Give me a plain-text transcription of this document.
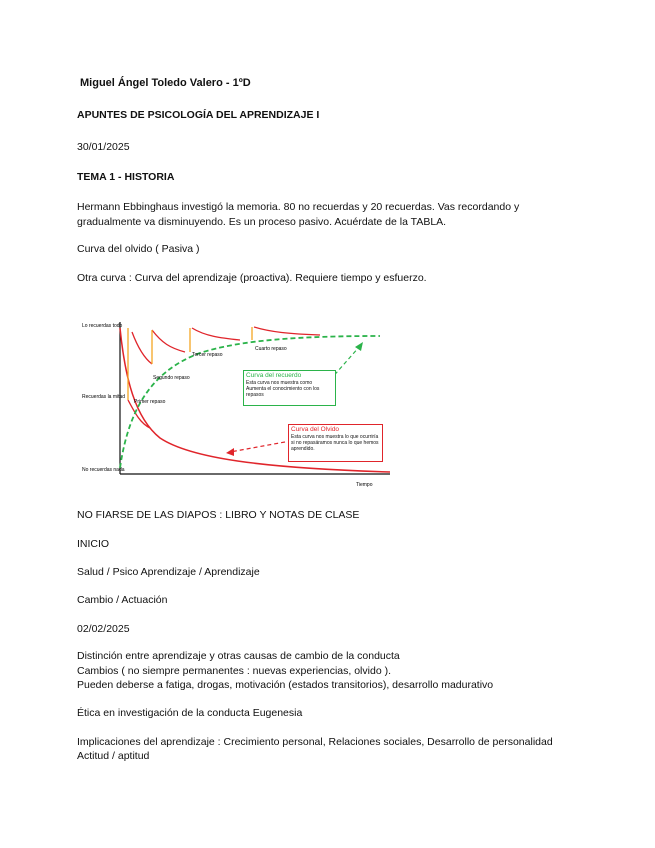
Miguel Ángel Toledo Valero - 1ºD
APUNTES DE PSICOLOGÍA DEL APRENDIZAJE I
30/01/2025
TEMA 1 - HISTORIA
Hermann Ebbinghaus investigó la memoria. 80 no recuerdas y 20 recuerdas. Vas recordando y
gradualmente va disminuyendo. Es un proceso pasivo. Acuérdate de la TABLA.
Curva del olvido ( Pasiva )
Otra curva : Curva del aprendizaje (proactiva). Requiere tiempo y esfuerzo.
Lo recuerdas todo
Recuerdas la mitad
No recuerdas nada
Tiempo
Primer repaso
Segundo repaso
Tercer repaso
Cuarto repaso
Curva del recuerdo
Esta curva nos muestra como Aumenta el conocimiento con los repasos
Curva del Olvido
Esta curva nos muestra lo que ocurriría si no repasáramos nunca lo que hemos aprendido.
NO FIARSE DE LAS DIAPOS : LIBRO Y NOTAS DE CLASE
INICIO
Salud / Psico Aprendizaje / Aprendizaje
Cambio / Actuación
02/02/2025
Distinción entre aprendizaje y otras causas de cambio de la conducta
Cambios ( no siempre permanentes : nuevas experiencias, olvido ).
Pueden deberse a fatiga, drogas, motivación (estados transitorios), desarrollo madurativo
Ética en investigación de la conducta Eugenesia
Implicaciones del aprendizaje : Crecimiento personal, Relaciones sociales, Desarrollo de personalidad
Actitud / aptitud
